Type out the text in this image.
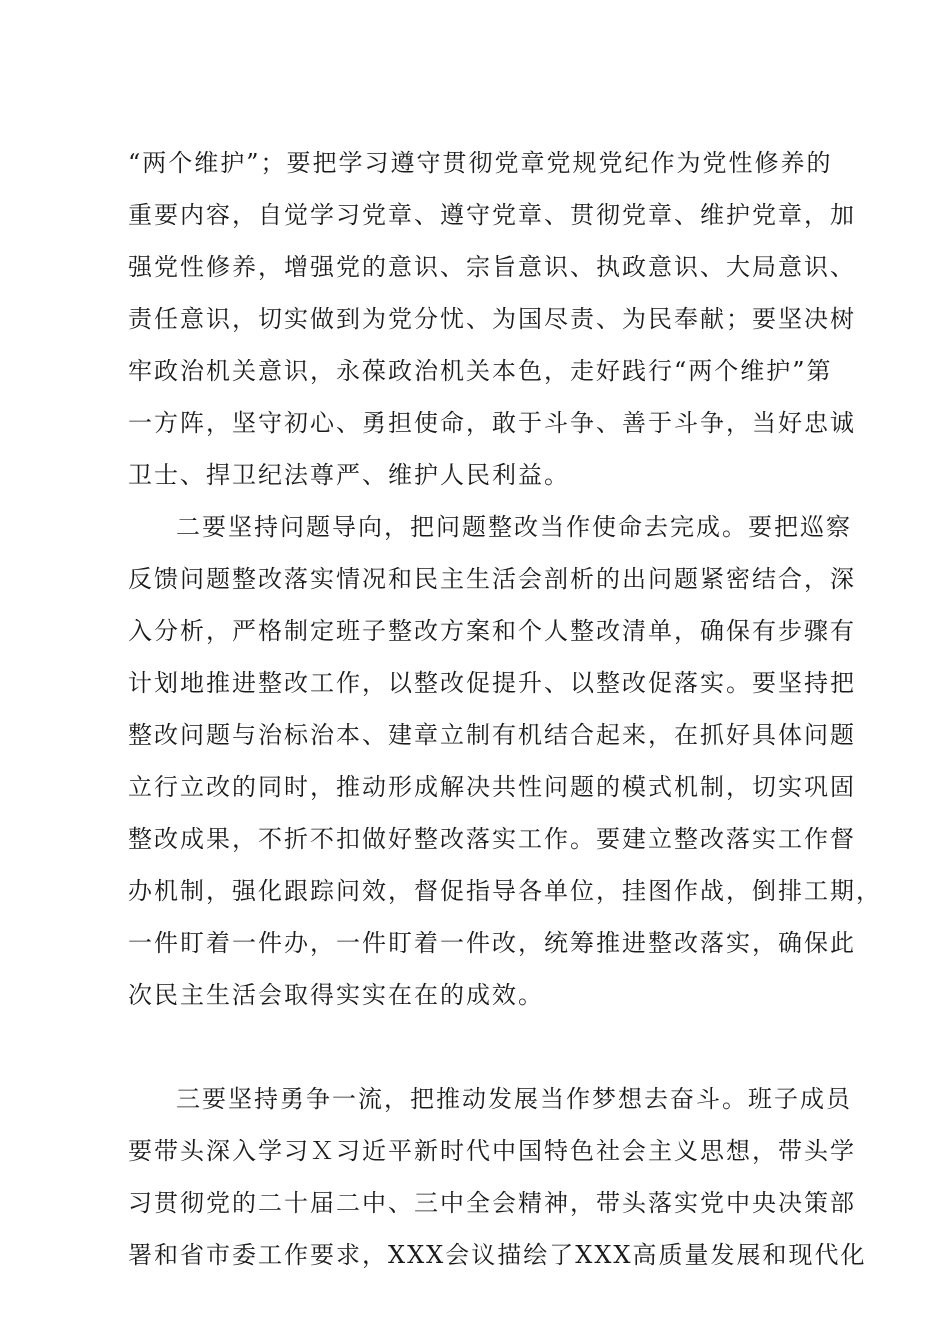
“两个维护”；要把学习遵守贯彻党章党规党纪作为党性修养的
重要内容，自觉学习党章、遵守党章、贯彻党章、维护党章，加
强党性修养，增强党的意识、宗旨意识、执政意识、大局意识、
责任意识，切实做到为党分忧、为国尽责、为民奉献；要坚决树
牢政治机关意识，永葆政治机关本色，走好践行“两个维护”第
一方阵，坚守初心、勇担使命，敢于斗争、善于斗争，当好忠诚
卫士、捍卫纪法尊严、维护人民利益。
二要坚持问题导向，把问题整改当作使命去完成。要把巡察
反馈问题整改落实情况和民主生活会剖析的出问题紧密结合，深
入分析，严格制定班子整改方案和个人整改清单，确保有步骤有
计划地推进整改工作，以整改促提升、以整改促落实。要坚持把
整改问题与治标治本、建章立制有机结合起来，在抓好具体问题
立行立改的同时，推动形成解决共性问题的模式机制，切实巩固
整改成果，不折不扣做好整改落实工作。要建立整改落实工作督
办机制，强化跟踪问效，督促指导各单位，挂图作战，倒排工期，
一件盯着一件办，一件盯着一件改，统筹推进整改落实，确保此
次民主生活会取得实实在在的成效。
三要坚持勇争一流，把推动发展当作梦想去奋斗。班子成员
要带头深入学习Ｘ习近平新时代中国特色社会主义思想，带头学
习贯彻党的二十届二中、三中全会精神，带头落实党中央决策部
署和省市委工作要求，XXX会议描绘了XXX高质量发展和现代化
